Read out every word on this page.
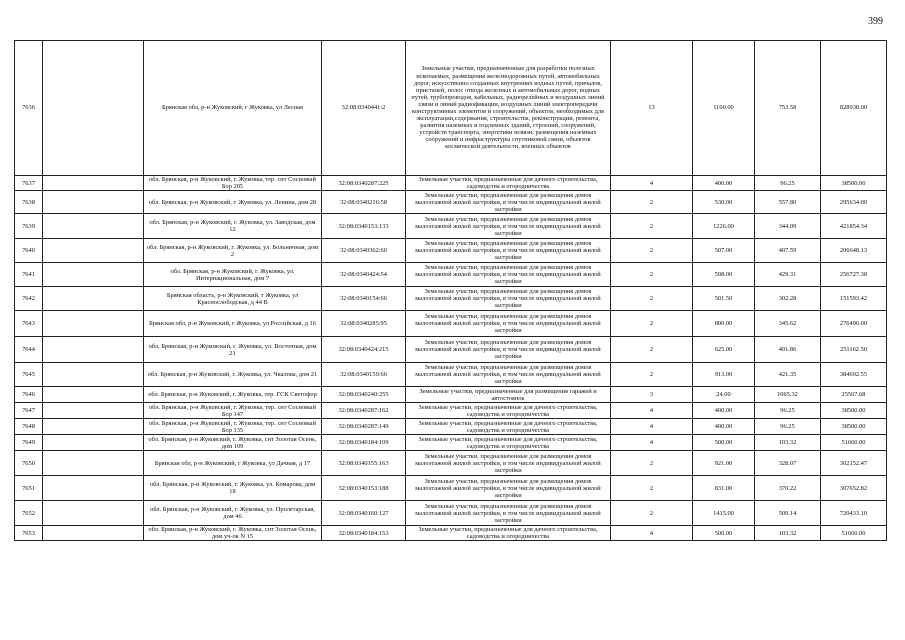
399
7636		Брянская обл, р-н Жуковский, г Жуковка, ул Лесная	32:08:0340441:2	Земельные участки, предназначенные для разработки полезных ископаемых, размещения железнодорожных путей, автомобильных дорог, искусственно созданных внутренних водных путей, причалов, пристаней, полос отвода железных и автомобильных дорог, водных путей, трубопроводов, кабельных, радиорелейных и воздушных линий связи и линий радиофикации, воздушных линий электропередачи конструктивных элементов и сооружений, объектов, необходимых для эксплуатации,содержания, строительства, реконструкции, ремонта, развития наземных и подземных зданий, строений, сооружений, устройств транспорта, энергетики исвязи; размещения наземных сооружений и инфраструктуры спутниковой связи, объектов космической деятельности, военных объектов	13	1100.00	753.58	828938.00
7637		обл. Брянская, р-н Жуковский, г. Жуковка, тер. снт Сосновый Бор 205	32:08:0340287:225	Земельные участки, предназначенные для дачного строительства, садоводства и огородничества	4	400.00	96.25	38500.00
7638		обл. Брянская, р-н Жуковский, г. Жуковка, ул. Ленина, дом 28	32:08:0340216:58	Земельные участки, предназначенные для размещения домов малоэтажной жилой застройки, в том числе индивидуальной жилой застройки	2	530.00	557.80	295634.00
7639		обл. Брянская, р-н Жуковский, г. Жуковка, ул. Заводская, дом 12	32:08:0340153:133	Земельные участки, предназначенные для размещения домов малоэтажной жилой застройки, в том числе индивидуальной жилой застройки	2	1226.00	344.09	421854.34
7640		обл. Брянская, р-н Жуковский, г. Жуковка, ул. Больничная, дом 2	32:08:0340362:60	Земельные участки, предназначенные для размещения домов малоэтажной жилой застройки, в том числе индивидуальной жилой застройки	2	507.00	407.59	206648.13
7641		обл. Брянская, р-н Жуковский, г. Жуковка, ул. Интернациональная, дом 7	32:08:0340424:54	Земельные участки, предназначенные для размещения домов малоэтажной жилой застройки, в том числе индивидуальной жилой застройки	2	598.00	429.31	256727.38
7642		Брянская область, р-н Жуковский, г Жуковка, ул Краснослободская, д 44 В	32:08:0340154:66	Земельные участки, предназначенные для размещения домов малоэтажной жилой застройки, в том числе индивидуальной жилой застройки	2	501.50	302.28	151593.42
7643		Брянская обл, р-н Жуковский, г Жуковка, ул Российская, д 16	32:08:0340285:95	Земельные участки, предназначенные для размещения домов малоэтажной жилой застройки, в том числе индивидуальной жилой застройки	2	800.00	345.62	276496.00
7644		обл. Брянская, р-н Жуковский, г. Жуковка, ул. Восточная, дом 21	32:08:0340424:215	Земельные участки, предназначенные для размещения домов малоэтажной жилой застройки, в том числе индивидуальной жилой застройки	2	625.00	401.86	251162.50
7645		обл. Брянская, р-н Жуковский, г. Жуковка, ул. Чкалова, дом 21	32:08:0340159:66	Земельные участки, предназначенные для размещения домов малоэтажной жилой застройки, в том числе индивидуальной жилой застройки	2	913.00	421.35	384692.55
7646		обл. Брянская, р-н Жуковский, г. Жуковка, тер. ГСК Светофор	32:08:0340240:255	Земельные участки, предназначенные для размещения гаражей и автостоянок	3	24.00	1065.32	25567.68
7647		обл. Брянская, р-н Жуковский, г. Жуковка, тер. снт Сосновый Бор 147	32:08:0340287:162	Земельные участки, предназначенные для дачного строительства, садоводства и огородничества	4	400.00	96.25	38500.00
7648		обл. Брянская, р-н Жуковский, г. Жуковка, тер. снт Сосновый Бор 135	32:08:0340287:149	Земельные участки, предназначенные для дачного строительства, садоводства и огородничества	4	400.00	96.25	38500.00
7649		обл. Брянская, р-н Жуковский, г. Жуковка, снт Золотая Осень, дом 109	32:08:0340184:109	Земельные участки, предназначенные для дачного строительства, садоводства и огородничества	4	500.00	103.32	51660.00
7650		Брянская обл, р-н Жуковский, г Жуковка, ул Дачная, д 17	32:08:0340155:163	Земельные участки, предназначенные для размещения домов малоэтажной жилой застройки, в том числе индивидуальной жилой застройки	2	921.00	328.07	302152.47
7651		обл. Брянская, р-н Жуковский, г. Жуковка, ул. Комарова, дом 18	32:08:0340153:188	Земельные участки, предназначенные для размещения домов малоэтажной жилой застройки, в том числе индивидуальной жилой застройки	2	831.00	370.22	307652.82
7652		обл. Брянская, р-н Жуковский, г. Жуковка, ул. Пролетарская, дом 46	32:08:0340160:127	Земельные участки, предназначенные для размещения домов малоэтажной жилой застройки, в том числе индивидуальной жилой застройки	2	1415.00	509.14	720433.10
7653		обл. Брянская, р-н Жуковский, г. Жуковка, снт Золотая Осень, дом уч-ок N 15	32:08:0340184:153	Земельные участки, предназначенные для дачного строительства, садоводства и огородничества	4	500.00	103.32	51660.00
